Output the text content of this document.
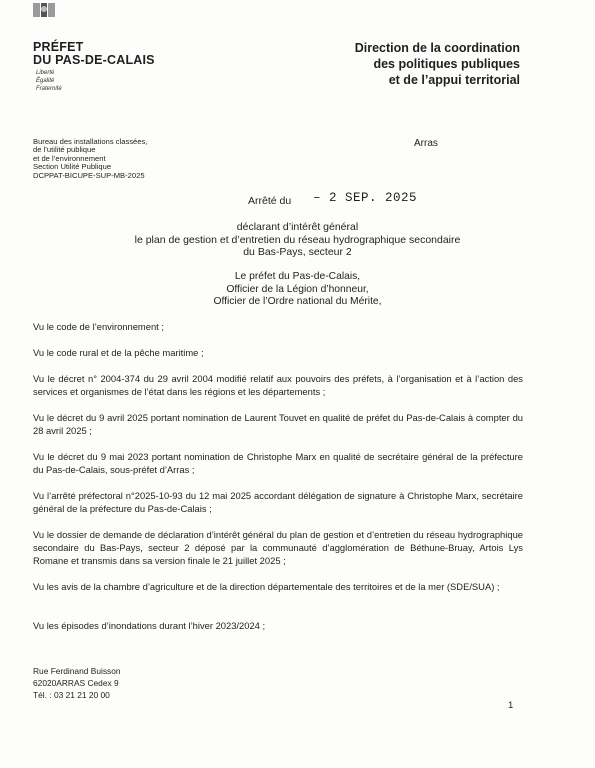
PRÉFET
DU PAS-DE-CALAIS
Liberté
Égalité
Fraternité
Direction de la coordination
des politiques publiques
et de l’appui territorial
Bureau des installations classées,
de l’utilité publique
et de l’environnement
Section Utilité Publique
DCPPAT-BICUPE-SUP-MB-2025
Arras
Arrêté du – 2 SEP. 2025
déclarant d’intérêt général
le plan de gestion et d’entretien du réseau hydrographique secondaire
du Bas-Pays, secteur 2
Le préfet du Pas-de-Calais,
Officier de la Légion d’honneur,
Officier de l’Ordre national du Mérite,
Vu le code de l’environnement ;
Vu le code rural et de la pêche maritime ;
Vu le décret n° 2004-374 du 29 avril 2004 modifié relatif aux pouvoirs des préfets, à l’organisation et à l’action des services et organismes de l’état dans les régions et les départements ;
Vu le décret du 9 avril 2025 portant nomination de Laurent Touvet en qualité de préfet du Pas-de-Calais à compter du 28 avril 2025 ;
Vu le décret du 9 mai 2023 portant nomination de Christophe Marx en qualité de secrétaire général de la préfecture du Pas-de-Calais, sous-préfet d’Arras ;
Vu l’arrêté préfectoral n°2025-10-93 du 12 mai 2025 accordant délégation de signature à Christophe Marx, secrétaire général de la préfecture du Pas-de-Calais ;
Vu le dossier de demande de déclaration d’intérêt général du plan de gestion et d’entretien du réseau hydrographique secondaire du Bas-Pays, secteur 2 déposé par la communauté d’agglomération de Béthune-Bruay, Artois Lys Romane et transmis dans sa version finale le 21 juillet 2025 ;
Vu les avis de la chambre d’agriculture et de la direction départementale des territoires et de la mer (SDE/SUA) ;
Vu les épisodes d’inondations durant l’hiver 2023/2024 ;
Rue Ferdinand Buisson
62020ARRAS Cedex 9
Tél. : 03 21 21 20 00
1
